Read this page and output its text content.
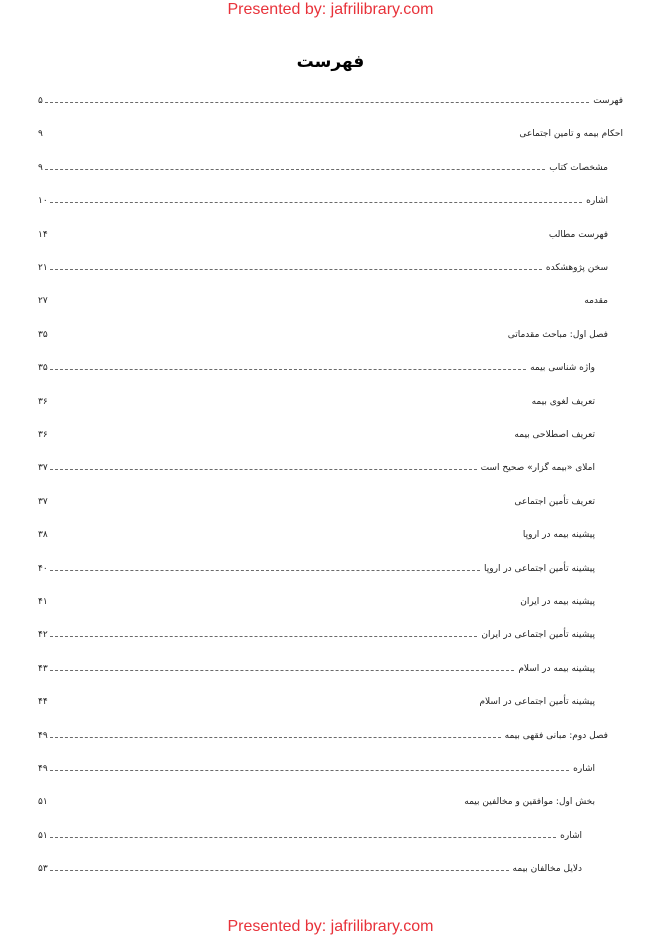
Presented by: jafrilibrary.com
فهرست
فهرست
۵
احکام بیمه و تامین اجتماعی
۹
مشخصات کتاب
۹
اشاره
۱۰
فهرست مطالب
۱۴
سخن پژوهشکده
۲۱
مقدمه
۲۷
فصل اول: مباحث مقدماتی
۳۵
واژه شناسی بیمه
۳۵
تعریف لغوی بیمه
۳۶
تعریف اصطلاحی بیمه
۳۶
املای «بیمه گزار» صحیح است
۳۷
تعریف تأمین اجتماعی
۳۷
پیشینه بیمه در اروپا
۳۸
پیشینه تأمین اجتماعی در اروپا
۴۰
پیشینه بیمه در ایران
۴۱
پیشینه تأمین اجتماعی در ایران
۴۲
پیشینه بیمه در اسلام
۴۳
پیشینه تأمین اجتماعی در اسلام
۴۴
فصل دوم: مبانی فقهی بیمه
۴۹
اشاره
۴۹
بخش اول: موافقین و مخالفین بیمه
۵۱
اشاره
۵۱
دلایل مخالفان بیمه
۵۳
Presented by: jafrilibrary.com
